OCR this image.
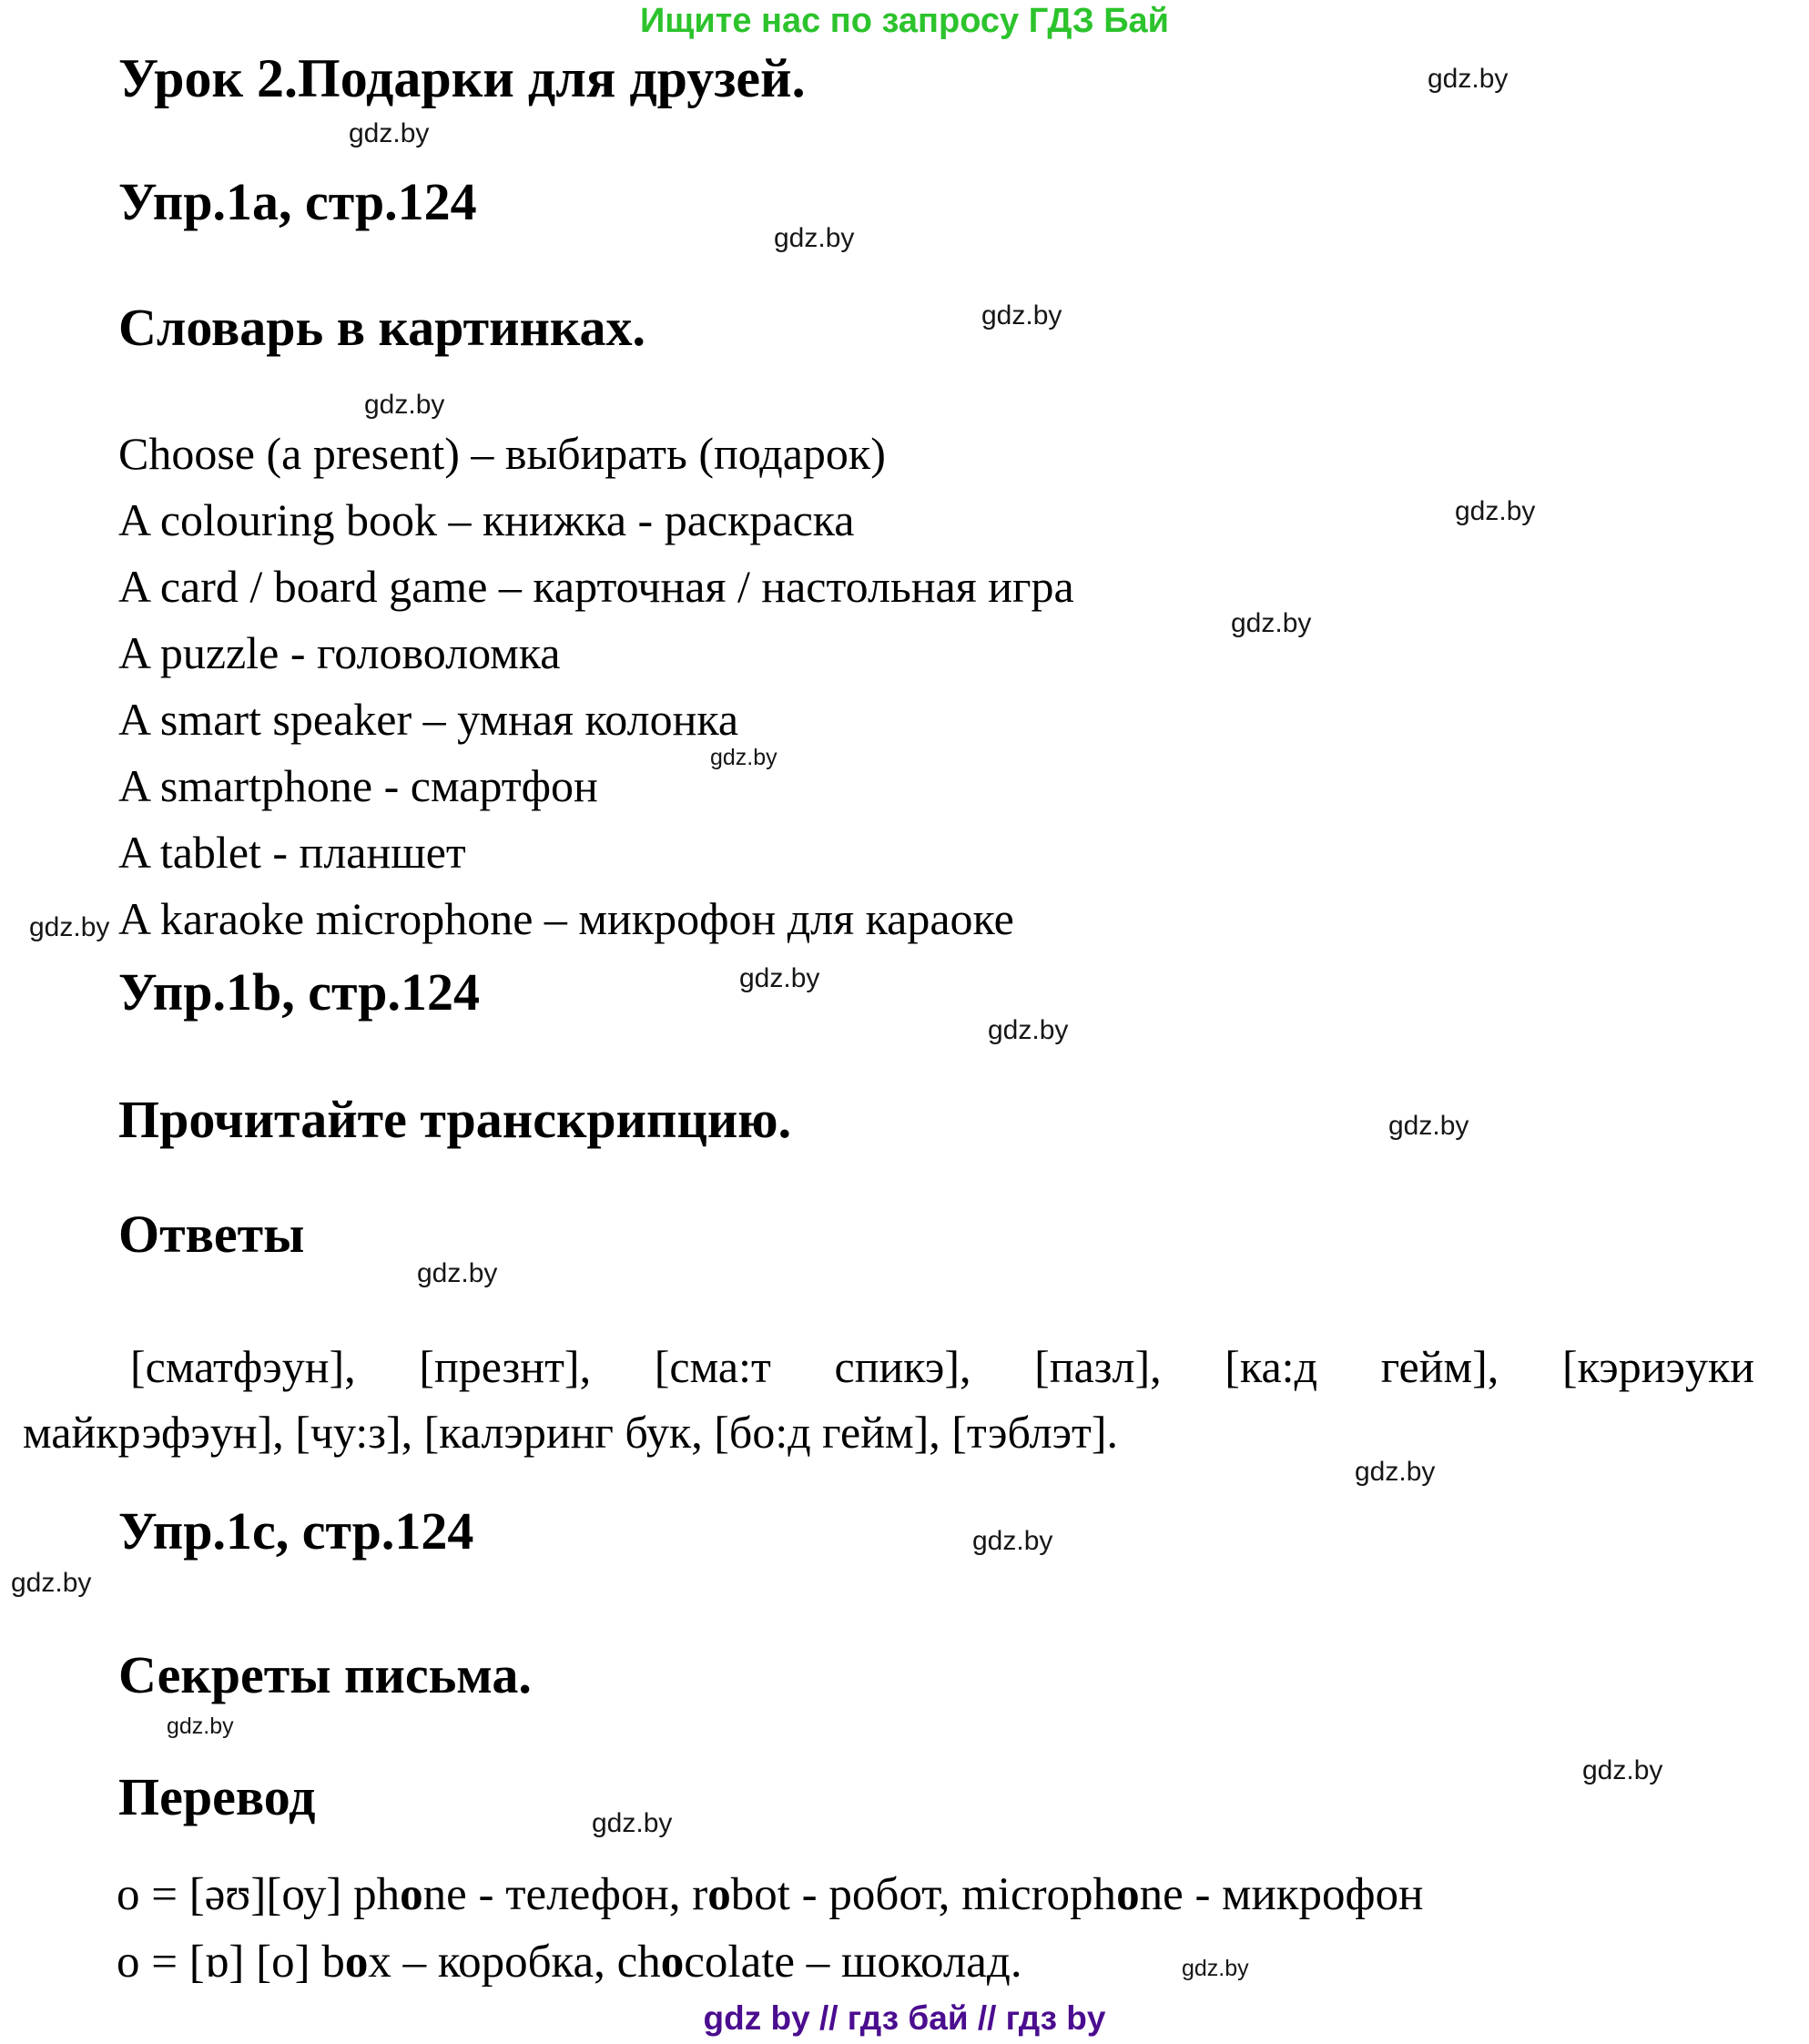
Ищите нас по запросу ГДЗ Бай
Урок 2.Подарки для друзей.	gdz.by
gdz.by
Упр.1а, стр.124
gdz.by
Словарь в картинках.	gdz.by
gdz.by
Choose (a present) – выбирать (подарок)
A colouring book – книжка - раскраска
A card / board game – карточная / настольная игра
A puzzle - головоломка
A smart speaker – умная колонка
A smartphone - смартфон
A tablet - планшет
A karaoke microphone – микрофон для караоке
gdz.by
gdz.by
gdz.by
gdz.by
Упр.1b, стр.124	gdz.by
gdz.by
Прочитайте транскрипцию.	gdz.by
Ответы
gdz.by
[сматфэун], [презнт], [сма:т спикэ], [пазл], [ка:д гейм], [кэриэуки
майкрэфэун], [чу:з], [калэринг бук, [бо:д гейм], [тэблэт].
gdz.by
Упр.1c, стр.124	gdz.by
gdz.by
Секреты письма.
gdz.by
Перевод	gdz.by
gdz.by
o = [əʊ][оу] phone - телефон, robot - робот, microphone - микрофон
o = [ɒ] [о] box – коробка, chocolate – шоколад.	gdz.by
gdz by // гдз бай // гдз by
